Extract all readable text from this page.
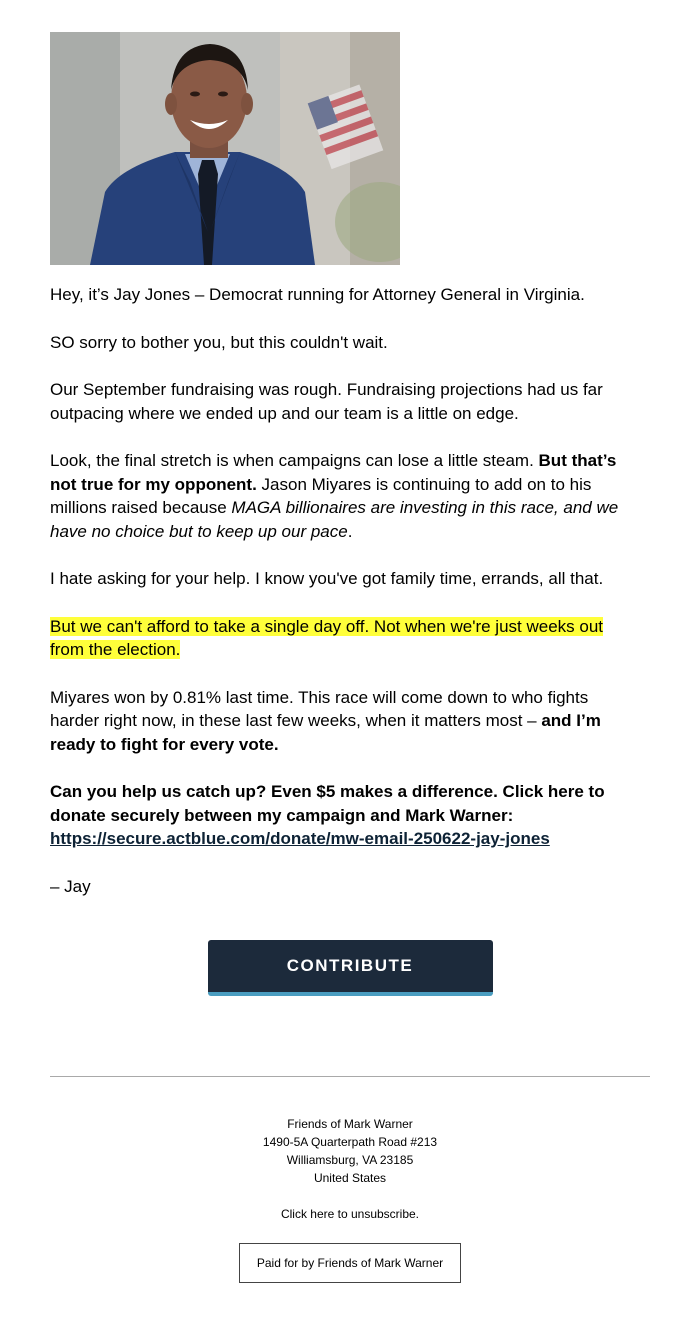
Hey, it’s Jay Jones – Democrat running for Attorney General in Virginia.

SO sorry to bother you, but this couldn't wait.

Our September fundraising was rough. Fundraising projections had us far outpacing where we ended up and our team is a little on edge.

Look, the final stretch is when campaigns can lose a little steam. But that’s not true for my opponent. Jason Miyares is continuing to add on to his millions raised because MAGA billionaires are investing in this race, and we have no choice but to keep up our pace.

I hate asking for your help. I know you've got family time, errands, all that.

But we can't afford to take a single day off. Not when we're just weeks out from the election.

Miyares won by 0.81% last time. This race will come down to who fights harder right now, in these last few weeks, when it matters most – and I’m ready to fight for every vote.

Can you help us catch up? Even $5 makes a difference. Click here to donate securely between my campaign and Mark Warner:
https://secure.actblue.com/donate/mw-email-250622-jay-jones

– Jay

CONTRIBUTE
Friends of Mark Warner
1490-5A Quarterpath Road #213
Williamsburg, VA 23185
United States
Click here to unsubscribe.
Paid for by Friends of Mark Warner
